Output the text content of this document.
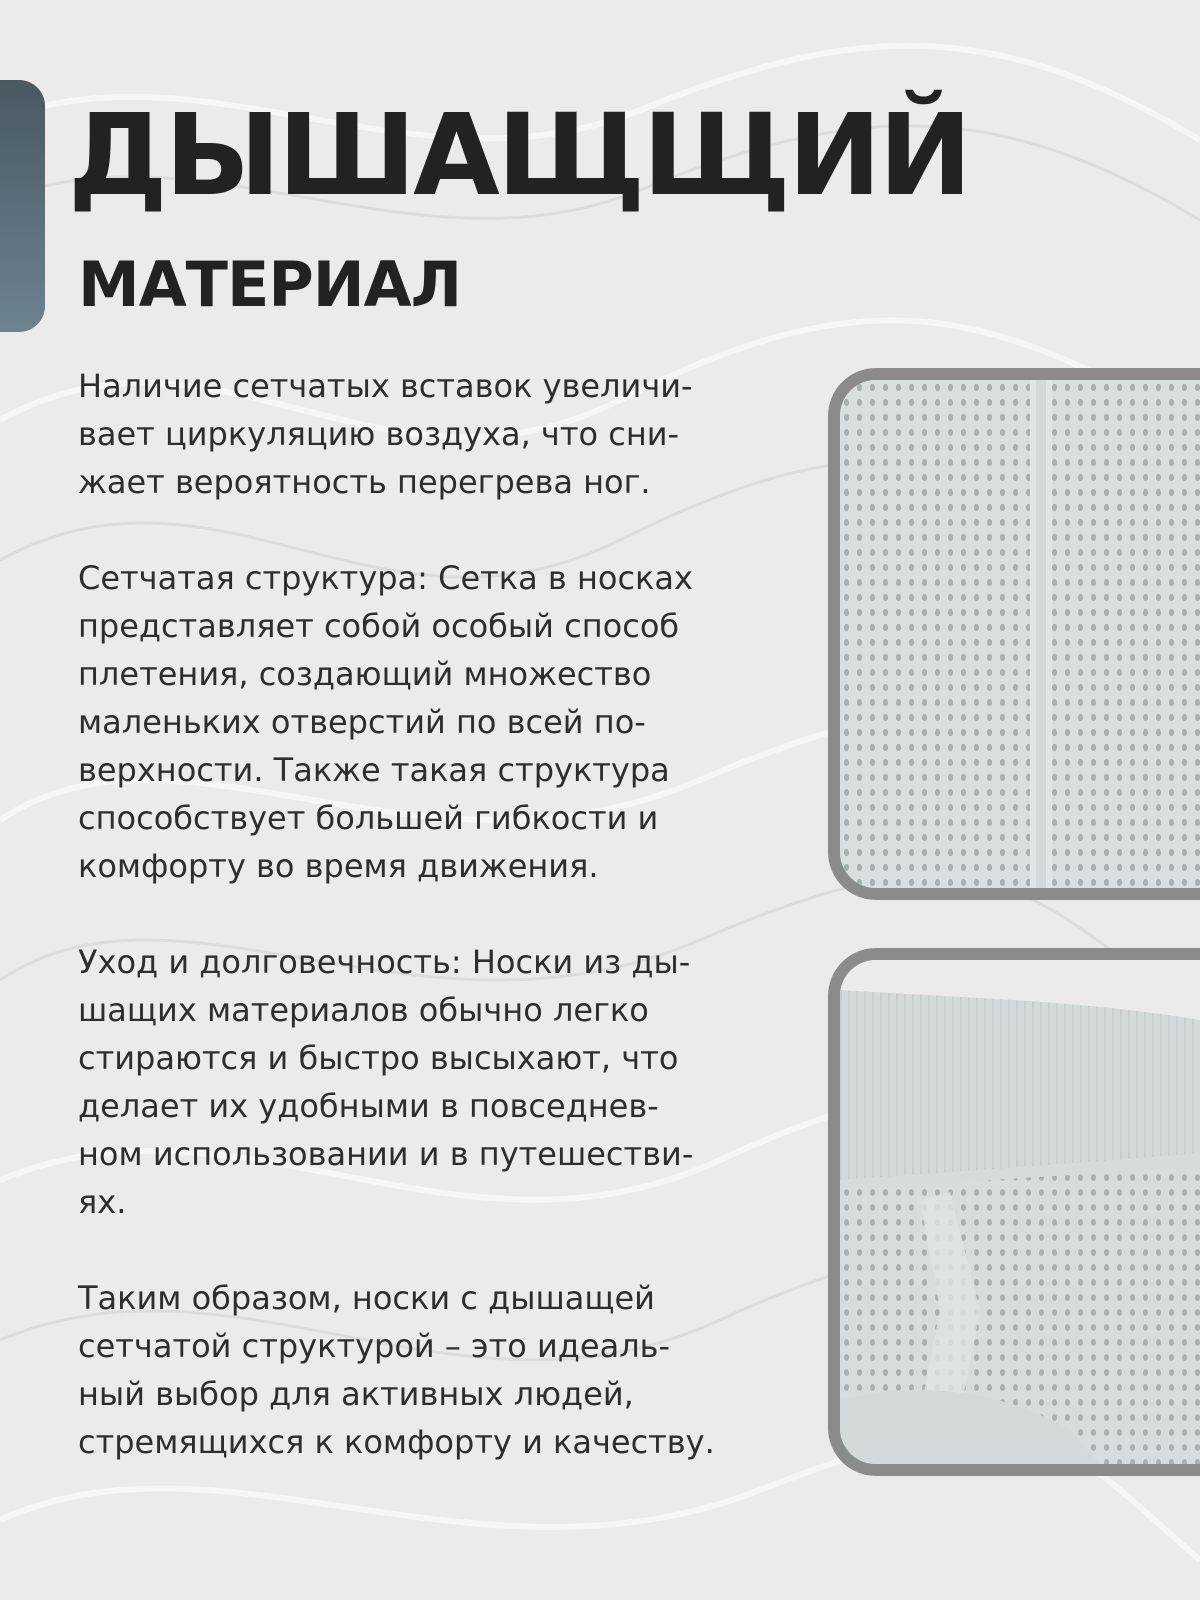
ДЫШАЩЩИЙ
МАТЕРИАЛ

Наличие сетчатых вставок увеличи-
вает циркуляцию воздуха, что сни-
жает вероятность перегрева ног.

Сетчатая структура: Сетка в носках
представляет собой особый способ
плетения, создающий множество
маленьких отверстий по всей по-
верхности. Также такая структура
способствует большей гибкости и
комфорту во время движения.

Уход и долговечность: Носки из ды-
шащих материалов обычно легко
стираются и быстро высыхают, что
делает их удобными в повседнев-
ном использовании и в путешестви-
ях.

Таким образом, носки с дышащей
сетчатой структурой – это идеаль-
ный выбор для активных людей,
стремящихся к комфорту и качеству.
